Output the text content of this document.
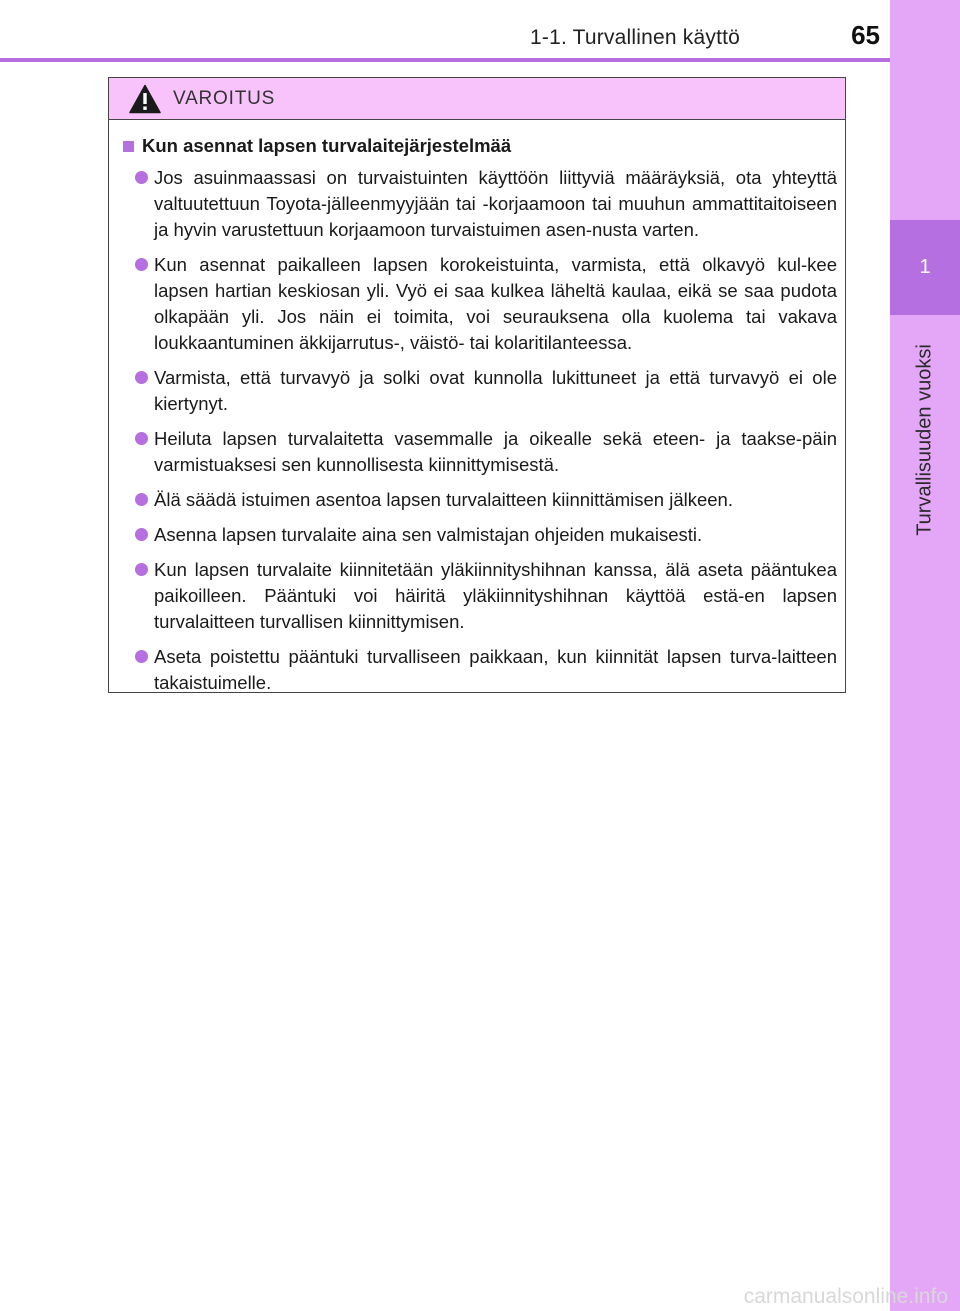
1-1. Turvallinen käyttö	65
1
Turvallisuuden vuoksi
VAROITUS
Kun asennat lapsen turvalaitejärjestelmää
Jos asuinmaassasi on turvaistuinten käyttöön liittyviä määräyksiä, ota yhteyttä valtuutettuun Toyota-jälleenmyyjään tai -korjaamoon tai muuhun ammattitaitoiseen ja hyvin varustettuun korjaamoon turvaistuimen asen-nusta varten.
Kun asennat paikalleen lapsen korokeistuinta, varmista, että olkavyö kul-kee lapsen hartian keskiosan yli. Vyö ei saa kulkea läheltä kaulaa, eikä se saa pudota olkapään yli. Jos näin ei toimita, voi seurauksena olla kuolema tai vakava loukkaantuminen äkkijarrutus-, väistö- tai kolaritilanteessa.
Varmista, että turvavyö ja solki ovat kunnolla lukittuneet ja että turvavyö ei ole kiertynyt.
Heiluta lapsen turvalaitetta vasemmalle ja oikealle sekä eteen- ja taakse-päin varmistuaksesi sen kunnollisesta kiinnittymisestä.
Älä säädä istuimen asentoa lapsen turvalaitteen kiinnittämisen jälkeen.
Asenna lapsen turvalaite aina sen valmistajan ohjeiden mukaisesti.
Kun lapsen turvalaite kiinnitetään yläkiinnityshihnan kanssa, älä aseta pääntukea paikoilleen. Pääntuki voi häiritä yläkiinnityshihnan käyttöä estä-en lapsen turvalaitteen turvallisen kiinnittymisen.
Aseta poistettu pääntuki turvalliseen paikkaan, kun kiinnität lapsen turva-laitteen takaistuimelle.
carmanualsonline.info
